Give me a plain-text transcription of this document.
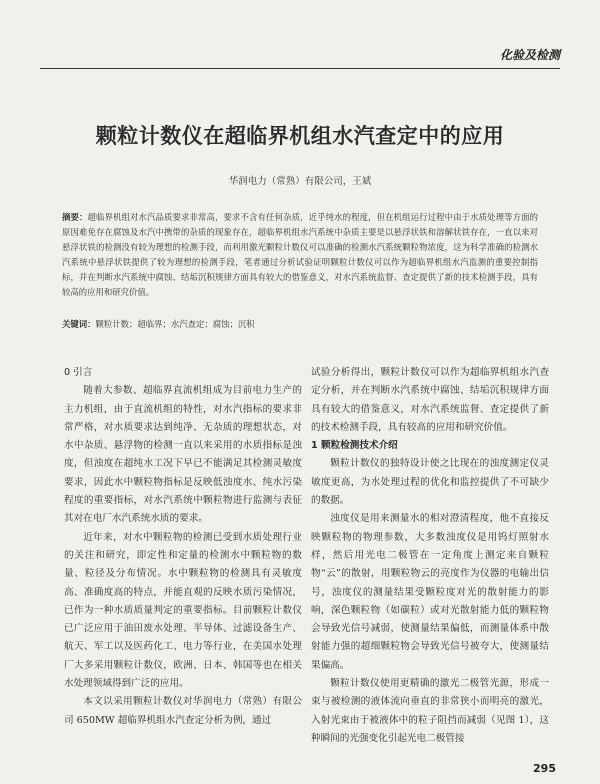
化验及检测
颗粒计数仪在超临界机组水汽查定中的应用
华润电力（常熟）有限公司，王斌
摘要：超临界机组对水汽品质要求非常高，要求不含有任何杂质，近乎纯水的程度，但在机组运行过程中由于水质处理等方面的原因难免存在腐蚀及水汽中携带的杂质的现象存在，超临界机组水汽系统中杂质主要是以悬浮状铁和溶解状铁存在，一直以来对悬浮状铁的检测没有较为理想的检测手段，而利用激光颗粒计数仪可以准确的检测水汽系统颗粒物浓度，这为科学准确的检测水汽系统中悬浮状铁提供了较为理想的检测手段，笔者通过分析试验证明颗粒计数仪可以作为超临界机组水汽监测的重要控制指标，并在判断水汽系统中腐蚀、结垢沉积规律方面具有较大的借鉴意义，对水汽系统监督、查定提供了新的技术检测手段，具有较高的应用和研究价值。
关键词：颗粒计数；超临界；水汽查定；腐蚀；沉积

0 引言

随着大参数、超临界直流机组成为目前电力生产的主力机组，由于直流机组的特性，对水汽指标的要求非常严格，对水质要求达到纯净、无杂质的理想状态，对水中杂质、悬浮物的检测一直以来采用的水质指标是浊度，但浊度在超纯水工况下早已不能满足其检测灵敏度要求，因此水中颗粒物指标是反映低浊度水、纯水污染程度的重要指标，对水汽系统中颗粒物进行监测与表征其对在电厂水汽系统水质的要求。

近年来，对水中颗粒物的检测已受到水质处理行业的关注和研究，即定性和定量的检测水中颗粒物的数量、粒径及分布情况。水中颗粒物的检测具有灵敏度高、准确度高的特点，并能直观的反映水质污染情况，已作为一种水质质量判定的重要指标。目前颗粒计数仪已广泛应用于油田废水处理、半导体、过滤设备生产、航天、军工以及医药化工、电力等行业，在美国水处理厂大多采用颗粒计数仪，欧洲、日本、韩国等也在相关水处理领域得到广泛的应用。

本文以采用颗粒计数仪对华润电力（常熟）有限公司 650MW 超临界机组水汽查定分析为例，通过

试验分析得出，颗粒计数仪可以作为超临界机组水汽查定分析，并在判断水汽系统中腐蚀、结垢沉积规律方面具有较大的借鉴意义，对水汽系统监督、查定提供了新的技术检测手段，具有较高的应用和研究价值。

1 颗粒检测技术介绍

颗粒计数仪的独特设计使之比现在的浊度测定仪灵敏度更高，为水处理过程的优化和监控提供了不可缺少的数据。

浊度仪是用来测量水的相对澄清程度，他不直接反映颗粒物的物理参数，大多数浊度仪是用钨灯照射水样，然后用光电二极管在一定角度上测定来自颗粒物“云”的散射，用颗粒物云的亮度作为仪器的电输出信号，浊度仪的测量结果受颗粒度对光的散射能力的影响，深色颗粒物（如碳粒）或对光散射能力低的颗粒物会导致光信号减弱，使测量结果偏低，而测量体系中散射能力强的超细颗粒物会导致光信号被夸大，使测量结果偏高。

颗粒计数仪使用更精确的激光二极管光源，形成一束与被检测的液体流向垂直的非常狭小而明亮的激光，入射光束由于被液体中的粒子阻挡而减弱（见图 1），这种瞬间的光强变化引起光电二极管接

295
